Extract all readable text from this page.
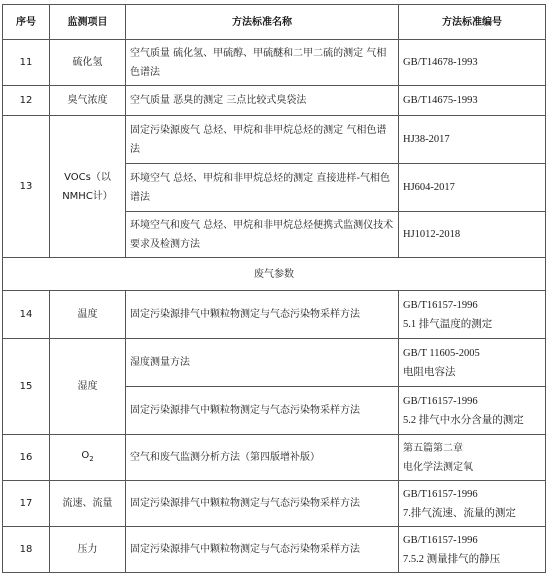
序号	监测项目	方法标准名称	方法标准编号
11	硫化氢	空气质量 硫化氢、甲硫醇、甲硫醚和二甲二硫的测定 气相色谱法	GB/T14678-1993
12	臭气浓度	空气质量 恶臭的测定 三点比较式臭袋法	GB/T14675-1993
13	VOCs（以NMHC计）	固定污染源废气 总烃、甲烷和非甲烷总烃的测定 气相色谱法	HJ38-2017
		环境空气 总烃、甲烷和非甲烷总烃的测定 直接进样-气相色谱法	HJ604-2017
		环境空气和废气 总烃、甲烷和非甲烷总烃便携式监测仪技术要求及检测方法	HJ1012-2018
废气参数			
14	温度	固定污染源排气中颗粒物测定与气态污染物采样方法	GB/T16157-1996
5.1 排气温度的测定

15	湿度	湿度测量方法	GB/T 11605-2005
电阻电容法

		固定污染源排气中颗粒物测定与气态污染物采样方法	GB/T16157-1996
5.2 排气中水分含量的测定

16	$O_2$	空气和废气监测分析方法（第四版增补版）	第五篇第二章
电化学法测定氧

17	流速、流量	固定污染源排气中颗粒物测定与气态污染物采样方法	GB/T16157-1996
7.排气流速、流量的测定

18	压力	固定污染源排气中颗粒物测定与气态污染物采样方法	GB/T16157-1996
7.5.2 测量排气的静压
